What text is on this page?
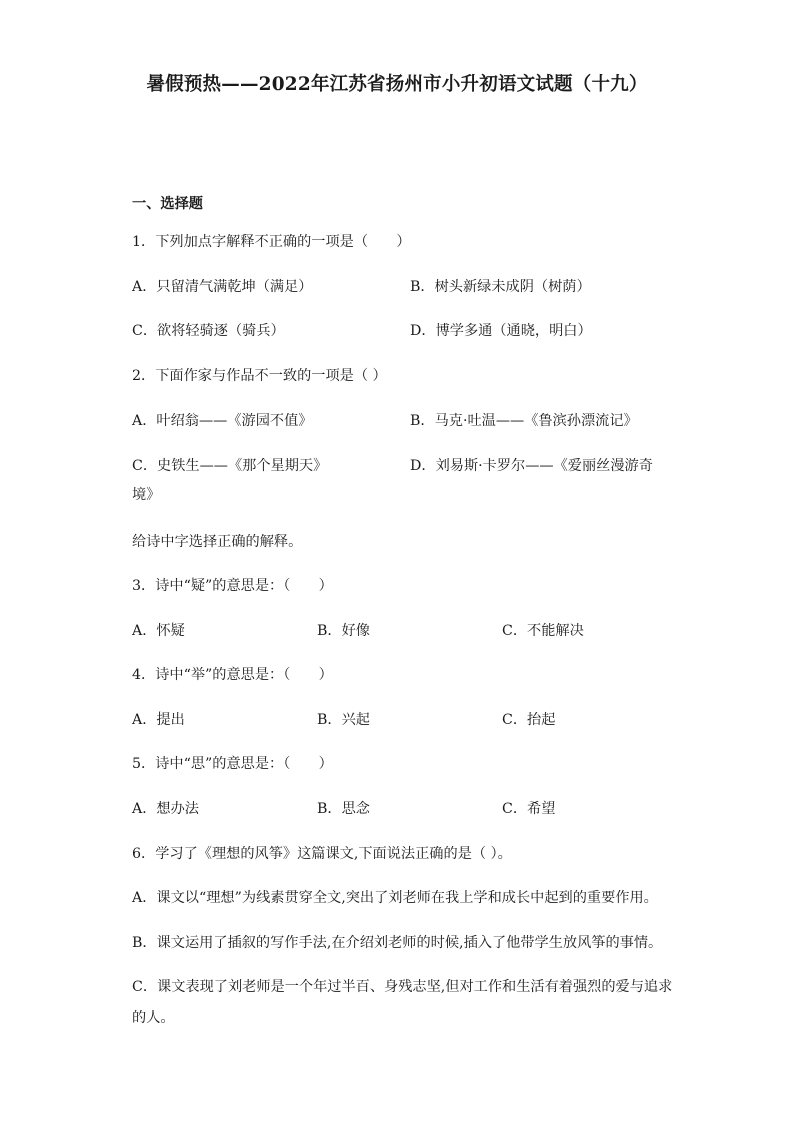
暑假预热——2022年江苏省扬州市小升初语文试题（十九）
一、选择题
1．下列加点字解释不正确的一项是（　　）
A．只留清气满乾坤（满足）	B．树头新绿未成阴（树荫）
C．欲将轻骑逐（骑兵）	D．博学多通（通晓，明白）
2．下面作家与作品不一致的一项是（ ）
A．叶绍翁——《游园不值》	B．马克·吐温——《鲁滨孙漂流记》
C．史铁生——《那个星期天》	D．刘易斯·卡罗尔——《爱丽丝漫游奇
境》
给诗中字选择正确的解释。
3．诗中“疑”的意思是：（　　）
A．怀疑	B．好像	C．不能解决
4．诗中“举”的意思是：（　　）
A．提出	B．兴起	C．抬起
5．诗中“思”的意思是：（　　）
A．想办法	B．思念	C．希望
6．学习了《理想的风筝》这篇课文,下面说法正确的是（ ）。
A．课文以“理想”为线素贯穿全文,突出了刘老师在我上学和成长中起到的重要作用。
B．课文运用了插叙的写作手法,在介绍刘老师的时候,插入了他带学生放风筝的事情。
C．课文表现了刘老师是一个年过半百、身残志坚,但对工作和生活有着强烈的爱与追求
的人。
